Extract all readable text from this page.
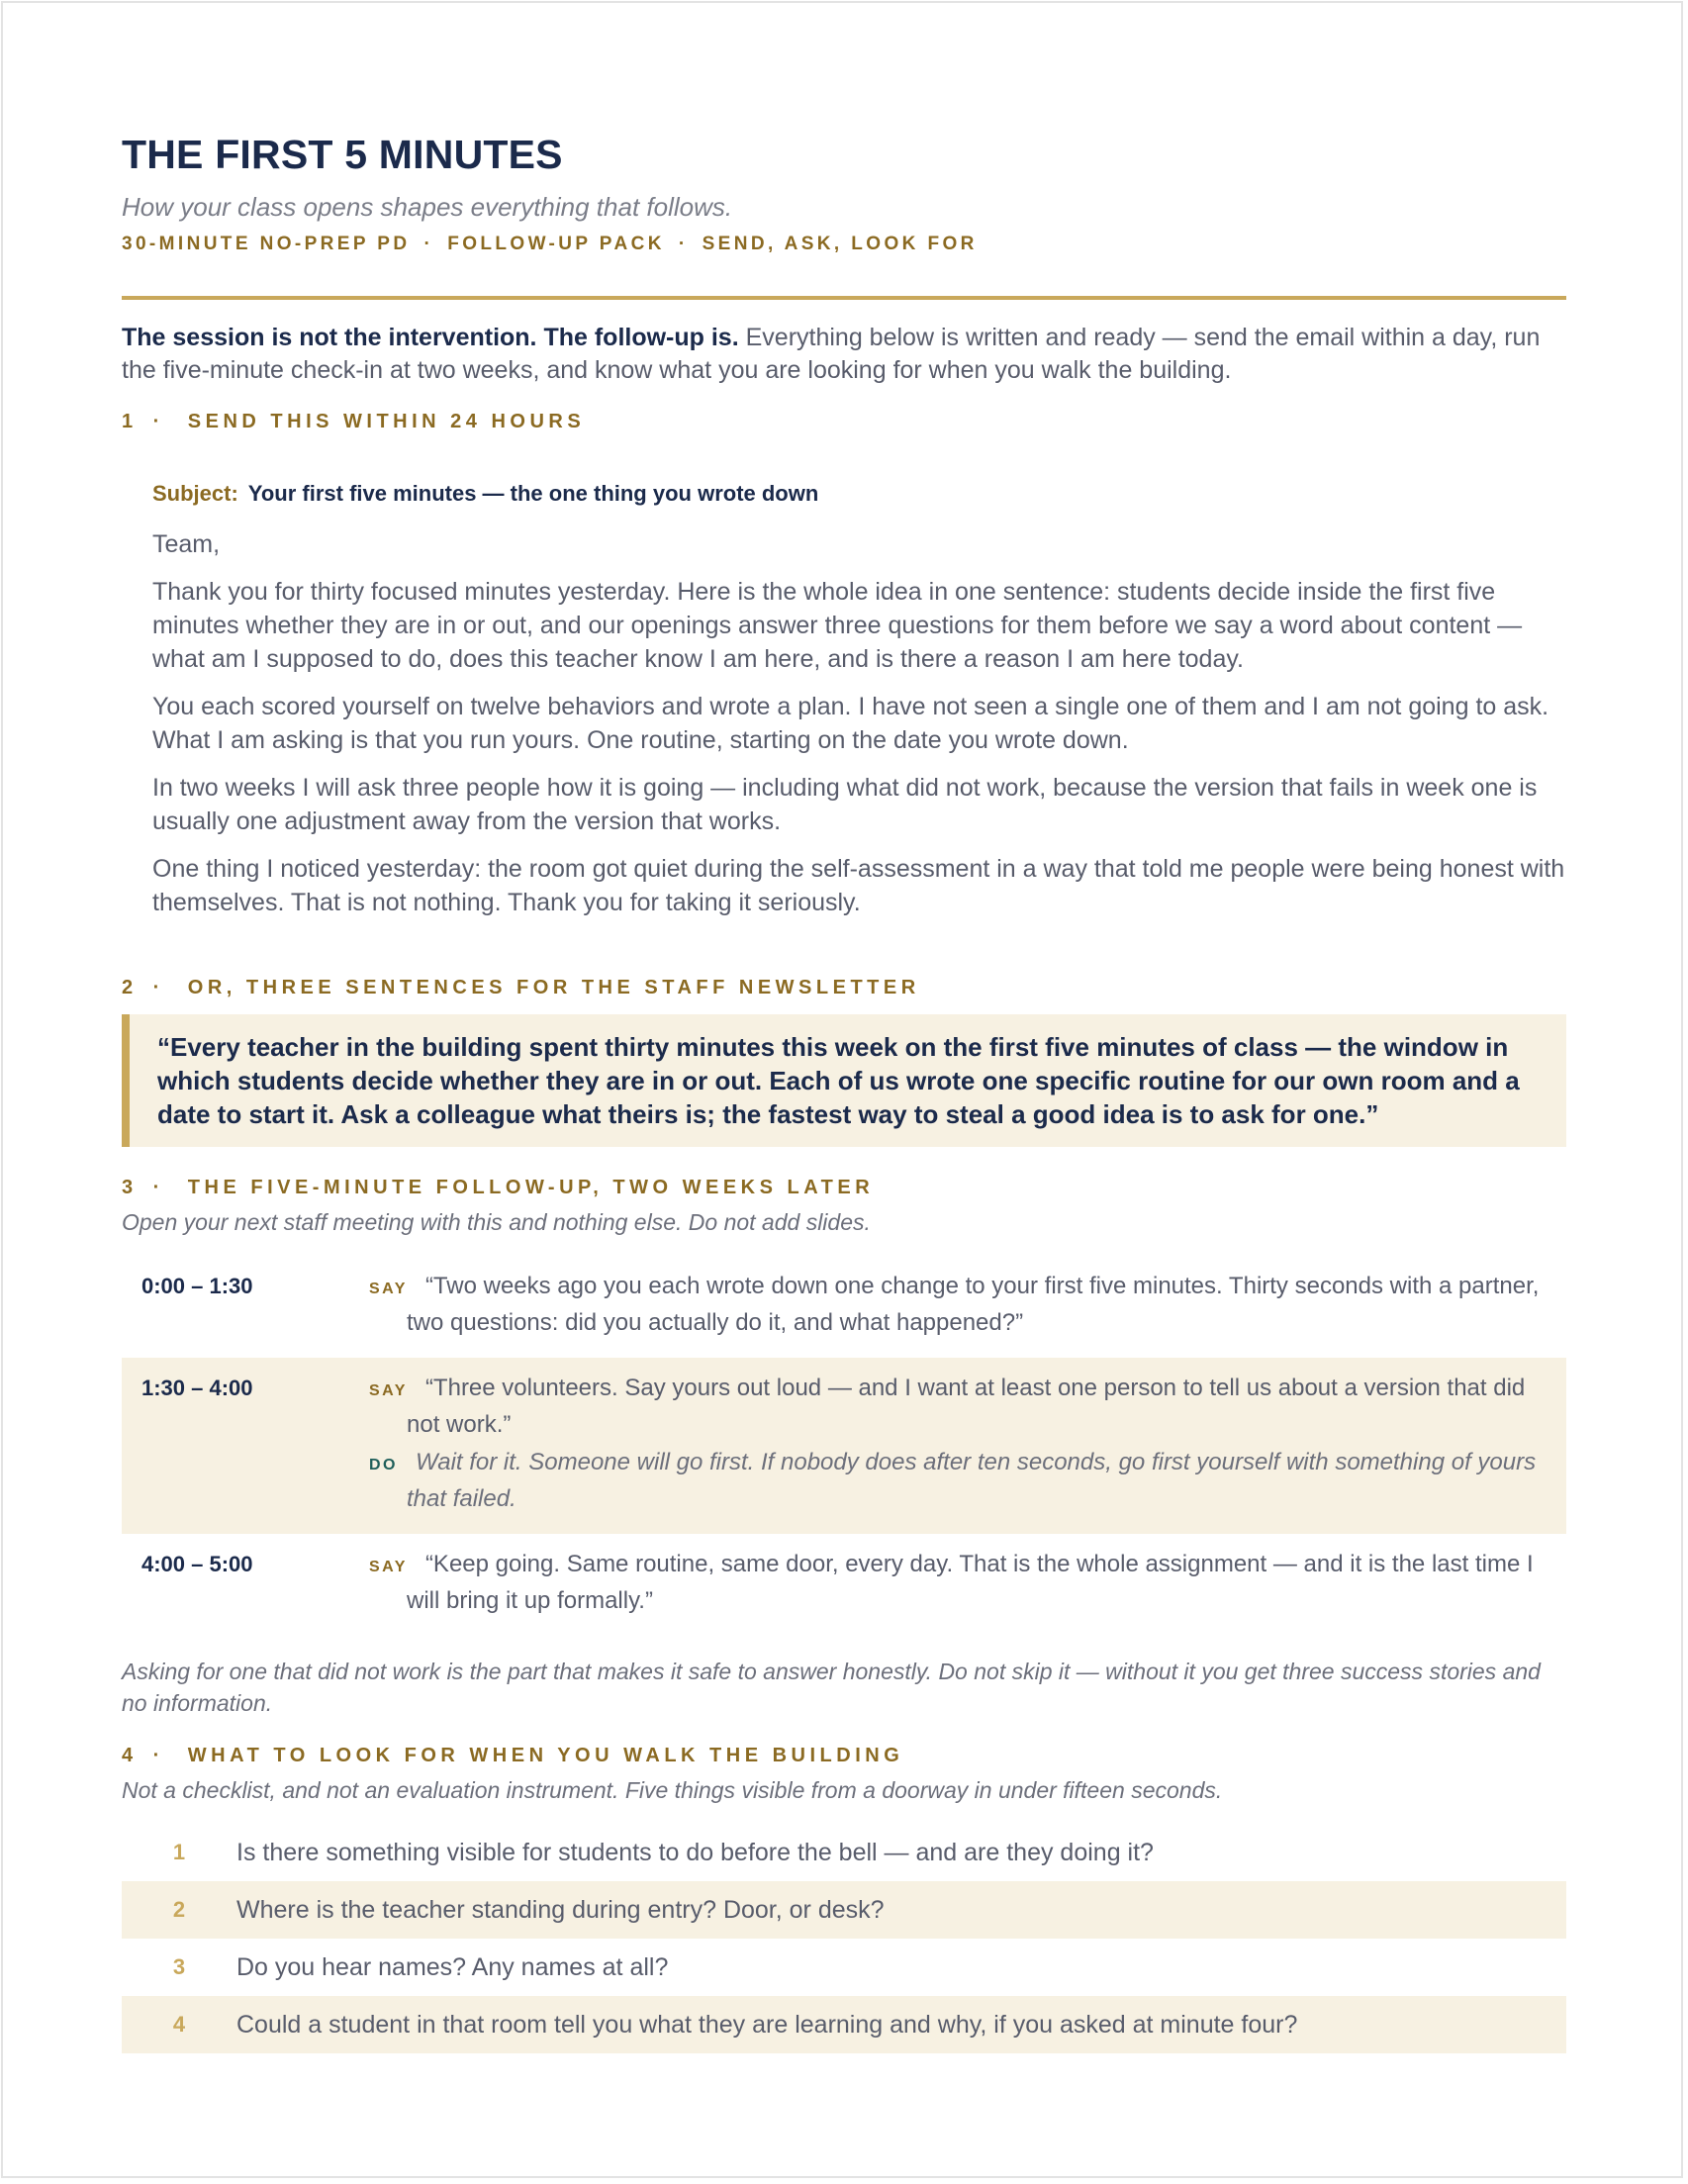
THE FIRST 5 MINUTES
How your class opens shapes everything that follows.
30-MINUTE NO-PREP PD · FOLLOW-UP PACK · SEND, ASK, LOOK FOR
The session is not the intervention. The follow-up is. Everything below is written and ready — send the email within a day, run the five-minute check-in at two weeks, and know what you are looking for when you walk the building.
1 · SEND THIS WITHIN 24 HOURS
Subject: Your first five minutes — the one thing you wrote down

Team,

Thank you for thirty focused minutes yesterday. Here is the whole idea in one sentence: students decide inside the first five minutes whether they are in or out, and our openings answer three questions for them before we say a word about content — what am I supposed to do, does this teacher know I am here, and is there a reason I am here today.

You each scored yourself on twelve behaviors and wrote a plan. I have not seen a single one of them and I am not going to ask. What I am asking is that you run yours. One routine, starting on the date you wrote down.

In two weeks I will ask three people how it is going — including what did not work, because the version that fails in week one is usually one adjustment away from the version that works.

One thing I noticed yesterday: the room got quiet during the self-assessment in a way that told me people were being honest with themselves. That is not nothing. Thank you for taking it seriously.

2 · OR, THREE SENTENCES FOR THE STAFF NEWSLETTER
“Every teacher in the building spent thirty minutes this week on the first five minutes of class — the window in which students decide whether they are in or out. Each of us wrote one specific routine for our own room and a date to start it. Ask a colleague what theirs is; the fastest way to steal a good idea is to ask for one.”
3 · THE FIVE-MINUTE FOLLOW-UP, TWO WEEKS LATER
Open your next staff meeting with this and nothing else. Do not add slides.
0:00 – 1:30	SAY “Two weeks ago you each wrote down one change to your first five minutes. Thirty seconds with a partner, two questions: did you actually do it, and what happened?”
1:30 – 4:00	SAY “Three volunteers. Say yours out loud — and I want at least one person to tell us about a version that did not work.”
DO Wait for it. Someone will go first. If nobody does after ten seconds, go first yourself with something of yours that failed.
4:00 – 5:00	SAY “Keep going. Same routine, same door, every day. That is the whole assignment — and it is the last time I will bring it up formally.”
Asking for one that did not work is the part that makes it safe to answer honestly. Do not skip it — without it you get three success stories and no information.
4 · WHAT TO LOOK FOR WHEN YOU WALK THE BUILDING
Not a checklist, and not an evaluation instrument. Five things visible from a doorway in under fifteen seconds.
1	Is there something visible for students to do before the bell — and are they doing it?
2	Where is the teacher standing during entry? Door, or desk?
3	Do you hear names? Any names at all?
4	Could a student in that room tell you what they are learning and why, if you asked at minute four?
